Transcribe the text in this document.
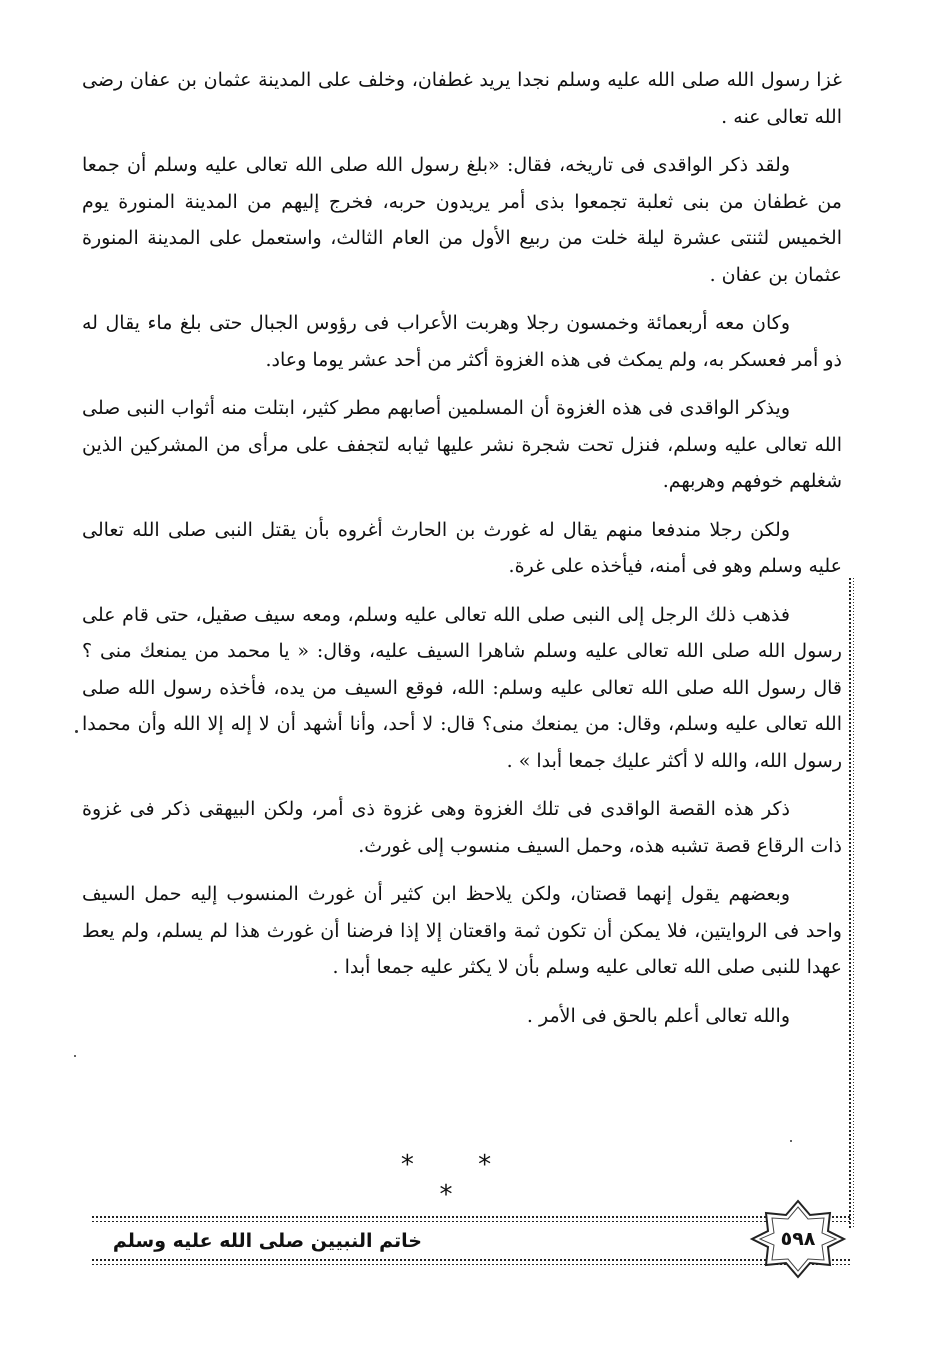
غزا رسول الله صلى الله عليه وسلم نجدا يريد غطفان، وخلف على المدينة عثمان بن عفان رضى الله تعالى عنه .

ولقد ذكر الواقدى فى تاريخه، فقال: «بلغ رسول الله صلى الله تعالى عليه وسلم أن جمعا من غطفان من بنى ثعلبة تجمعوا بذى أمر يريدون حربه، فخرج إليهم من المدينة المنورة يوم الخميس لثنتى عشرة ليلة خلت من ربيع الأول من العام الثالث، واستعمل على المدينة المنورة عثمان بن عفان .

وكان معه أربعمائة وخمسون رجلا وهربت الأعراب فى رؤوس الجبال حتى بلغ ماء يقال له ذو أمر فعسكر به، ولم يمكث فى هذه الغزوة أكثر من أحد عشر يوما وعاد.

ويذكر الواقدى فى هذه الغزوة أن المسلمين أصابهم مطر كثير، ابتلت منه أثواب النبى صلى الله تعالى عليه وسلم، فنزل تحت شجرة نشر عليها ثيابه لتجفف على مرأى من المشركين الذين شغلهم خوفهم وهربهم.

ولكن رجلا مندفعا منهم يقال له غورث بن الحارث أغروه بأن يقتل النبى صلى الله تعالى عليه وسلم وهو فى أمنه، فيأخذه على غرة.

فذهب ذلك الرجل إلى النبى صلى الله تعالى عليه وسلم، ومعه سيف صقيل، حتى قام على رسول الله صلى الله تعالى عليه وسلم شاهرا السيف عليه، وقال: « يا محمد من يمنعك منى ؟ قال رسول الله صلى الله تعالى عليه وسلم: الله، فوقع السيف من يده، فأخذه رسول الله صلى الله تعالى عليه وسلم، وقال: من يمنعك منى؟ قال: لا أحد، وأنا أشهد أن لا إله إلا الله وأن محمدا رسول الله، والله لا أكثر عليك جمعا أبدا » .

ذكر هذه القصة الواقدى فى تلك الغزوة وهى غزوة ذى أمر، ولكن البيهقى ذكر فى غزوة ذات الرقاع قصة تشبه هذه، وحمل السيف منسوب إلى غورث.

وبعضهم يقول إنهما قصتان، ولكن يلاحظ ابن كثير أن غورث المنسوب إليه حمل السيف واحد فى الروايتين، فلا يمكن أن تكون ثمة واقعتان إلا إذا فرضنا أن غورث هذا لم يسلم، ولم يعط عهدا للنبى صلى الله تعالى عليه وسلم بأن لا يكثر عليه جمعا أبدا .

والله تعالى أعلم بالحق فى الأمر .

* * *
خاتم النبيين صلى الله عليه وسلم	٥٩٨
